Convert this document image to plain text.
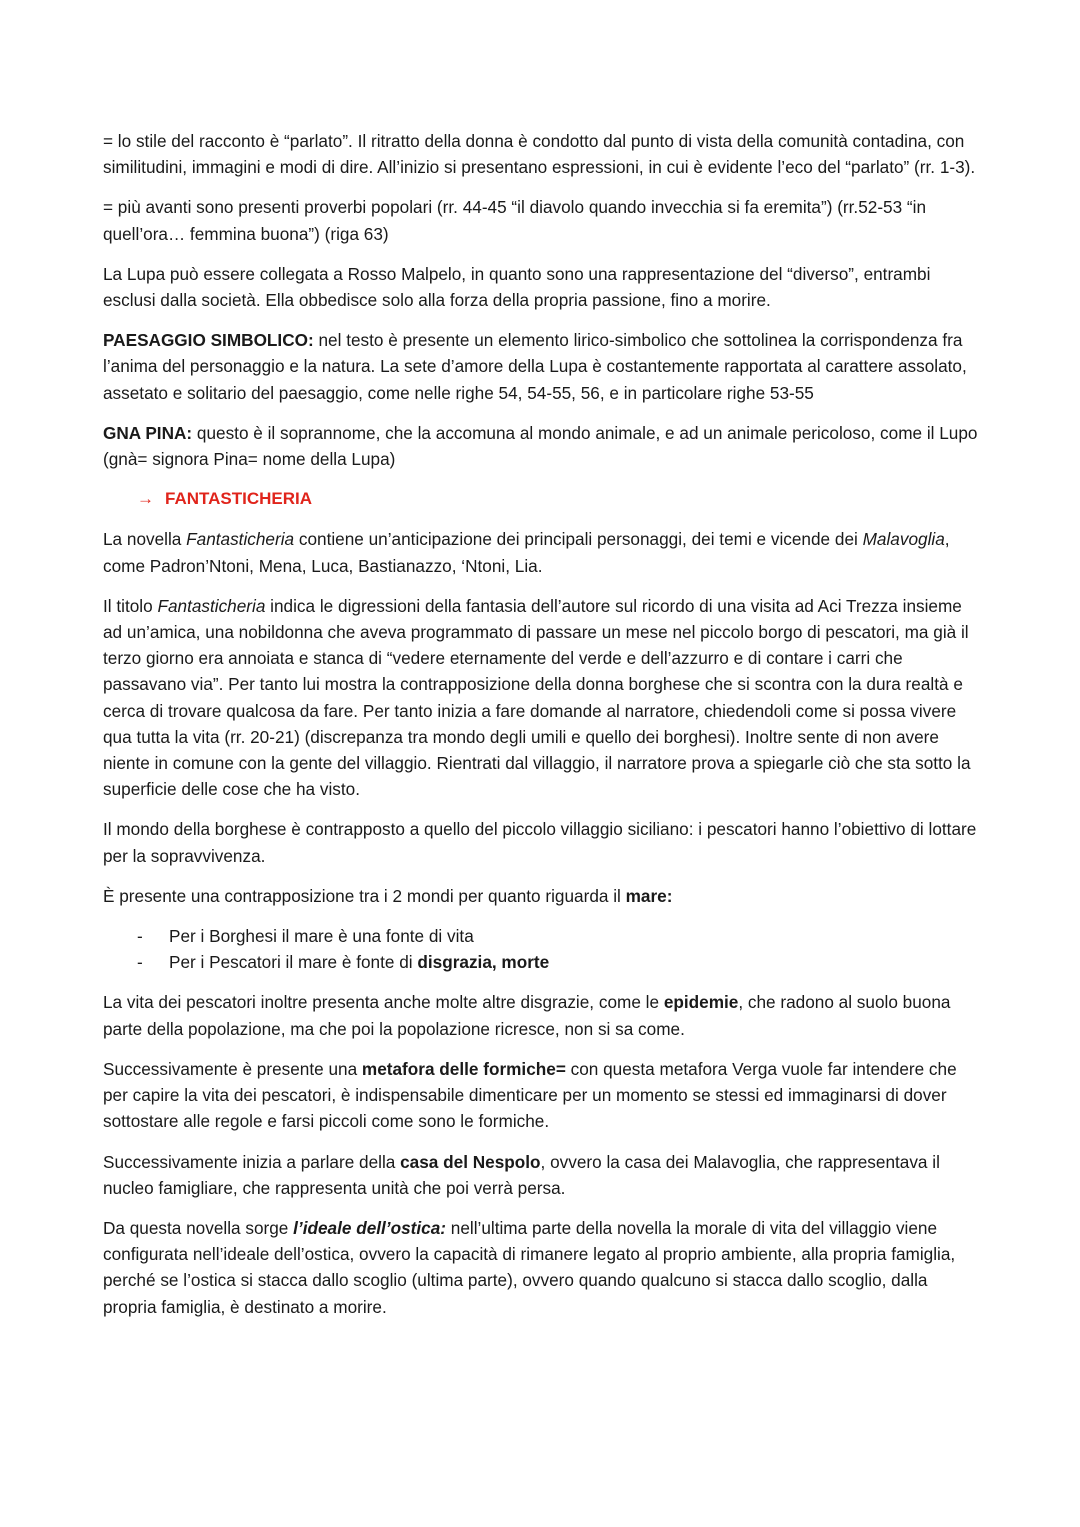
= lo stile del racconto è “parlato”. Il ritratto della donna è condotto dal punto di vista della comunità contadina, con similitudini, immagini e modi di dire. All’inizio si presentano espressioni, in cui è evidente l’eco del “parlato” (rr. 1-3).

= più avanti sono presenti proverbi popolari (rr. 44-45 “il diavolo quando invecchia si fa eremita”) (rr.52-53 “in quell’ora… femmina buona”) (riga 63)

La Lupa può essere collegata a Rosso Malpelo, in quanto sono una rappresentazione del “diverso”, entrambi esclusi dalla società. Ella obbedisce solo alla forza della propria passione, fino a morire.

PAESAGGIO SIMBOLICO: nel testo è presente un elemento lirico-simbolico che sottolinea la corrispondenza fra l’anima del personaggio e la natura. La sete d’amore della Lupa è costantemente rapportata al carattere assolato, assetato e solitario del paesaggio, come nelle righe 54, 54-55, 56, e in particolare righe 53-55

GNA PINA: questo è il soprannome, che la accomuna al mondo animale, e ad un animale pericoloso, come il Lupo (gnà= signora Pina= nome della Lupa)

→ FANTASTICHERIA

La novella Fantasticheria contiene un’anticipazione dei principali personaggi, dei temi e vicende dei Malavoglia, come Padron’Ntoni, Mena, Luca, Bastianazzo, ‘Ntoni, Lia.

Il titolo Fantasticheria indica le digressioni della fantasia dell’autore sul ricordo di una visita ad Aci Trezza insieme ad un’amica, una nobildonna che aveva programmato di passare un mese nel piccolo borgo di pescatori, ma già il terzo giorno era annoiata e stanca di “vedere eternamente del verde e dell’azzurro e di contare i carri che passavano via”. Per tanto lui mostra la contrapposizione della donna borghese che si scontra con la dura realtà e cerca di trovare qualcosa da fare. Per tanto inizia a fare domande al narratore, chiedendoli come si possa vivere qua tutta la vita (rr. 20-21) (discrepanza tra mondo degli umili e quello dei borghesi). Inoltre sente di non avere niente in comune con la gente del villaggio. Rientrati dal villaggio, il narratore prova a spiegarle ciò che sta sotto la superficie delle cose che ha visto.

Il mondo della borghese è contrapposto a quello del piccolo villaggio siciliano: i pescatori hanno l’obiettivo di lottare per la sopravvivenza.

È presente una contrapposizione tra i 2 mondi per quanto riguarda il mare:

- Per i Borghesi il mare è una fonte di vita
- Per i Pescatori il mare è fonte di disgrazia, morte

La vita dei pescatori inoltre presenta anche molte altre disgrazie, come le epidemie, che radono al suolo buona parte della popolazione, ma che poi la popolazione ricresce, non si sa come.

Successivamente è presente una metafora delle formiche= con questa metafora Verga vuole far intendere che per capire la vita dei pescatori, è indispensabile dimenticare per un momento se stessi ed immaginarsi di dover sottostare alle regole e farsi piccoli come sono le formiche.

Successivamente inizia a parlare della casa del Nespolo, ovvero la casa dei Malavoglia, che rappresentava il nucleo famigliare, che rappresenta unità che poi verrà persa.

Da questa novella sorge l’ideale dell’ostica: nell’ultima parte della novella la morale di vita del villaggio viene configurata nell’ideale dell’ostica, ovvero la capacità di rimanere legato al proprio ambiente, alla propria famiglia, perché se l’ostica si stacca dallo scoglio (ultima parte), ovvero quando qualcuno si stacca dallo scoglio, dalla propria famiglia, è destinato a morire.
